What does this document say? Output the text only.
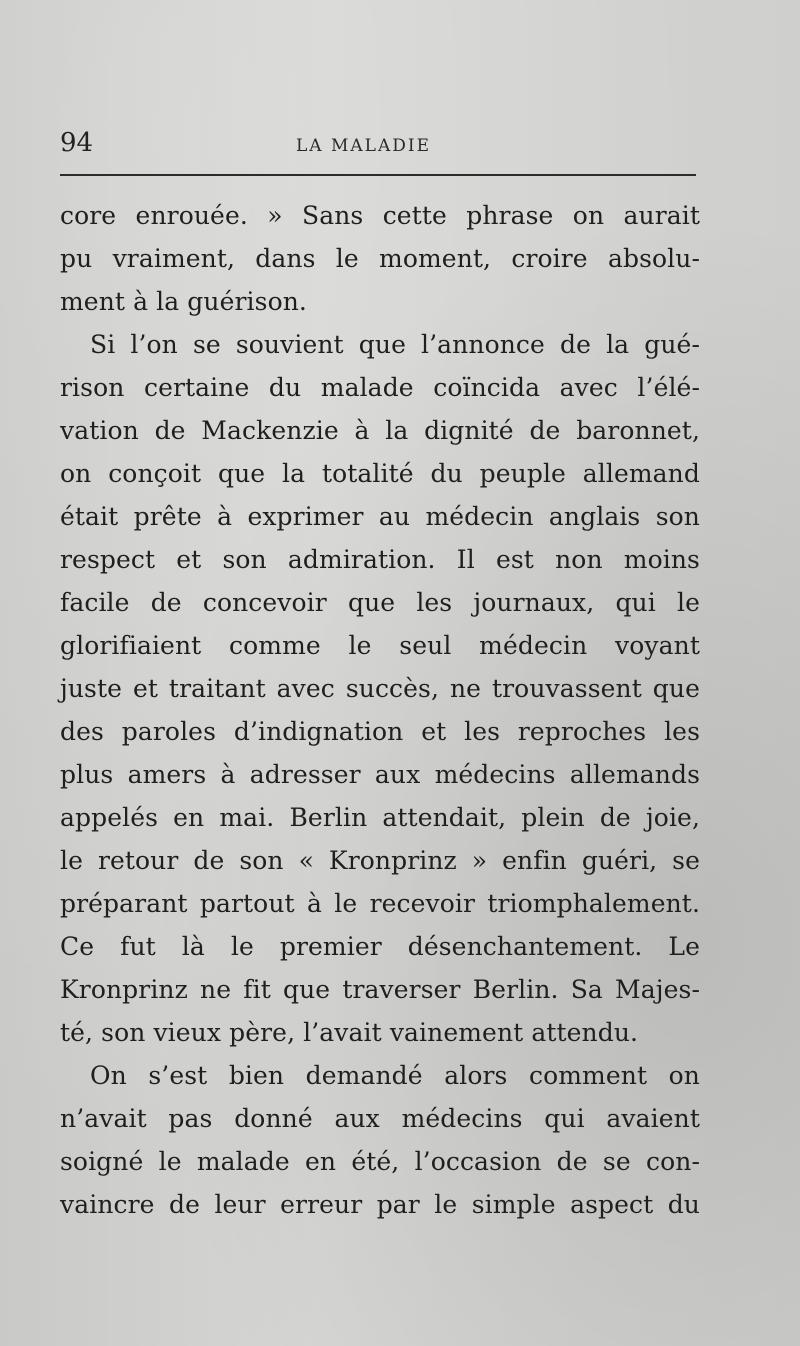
94	LA MALADIE
core enrouée. » Sans cette phrase on aurait
pu vraiment, dans le moment, croire absolu-
ment à la guérison.
Si l’on se souvient que l’annonce de la gué-
rison certaine du malade coïncida avec l’élé-
vation de Mackenzie à la dignité de baronnet,
on conçoit que la totalité du peuple allemand
était prête à exprimer au médecin anglais son
respect et son admiration. Il est non moins
facile de concevoir que les journaux, qui le
glorifiaient comme le seul médecin voyant
juste et traitant avec succès, ne trouvassent que
des paroles d’indignation et les reproches les
plus amers à adresser aux médecins allemands
appelés en mai. Berlin attendait, plein de joie,
le retour de son « Kronprinz » enfin guéri, se
préparant partout à le recevoir triomphalement.
Ce fut là le premier désenchantement. Le
Kronprinz ne fit que traverser Berlin. Sa Majes-
té, son vieux père, l’avait vainement attendu.
On s’est bien demandé alors comment on
n’avait pas donné aux médecins qui avaient
soigné le malade en été, l’occasion de se con-
vaincre de leur erreur par le simple aspect du
